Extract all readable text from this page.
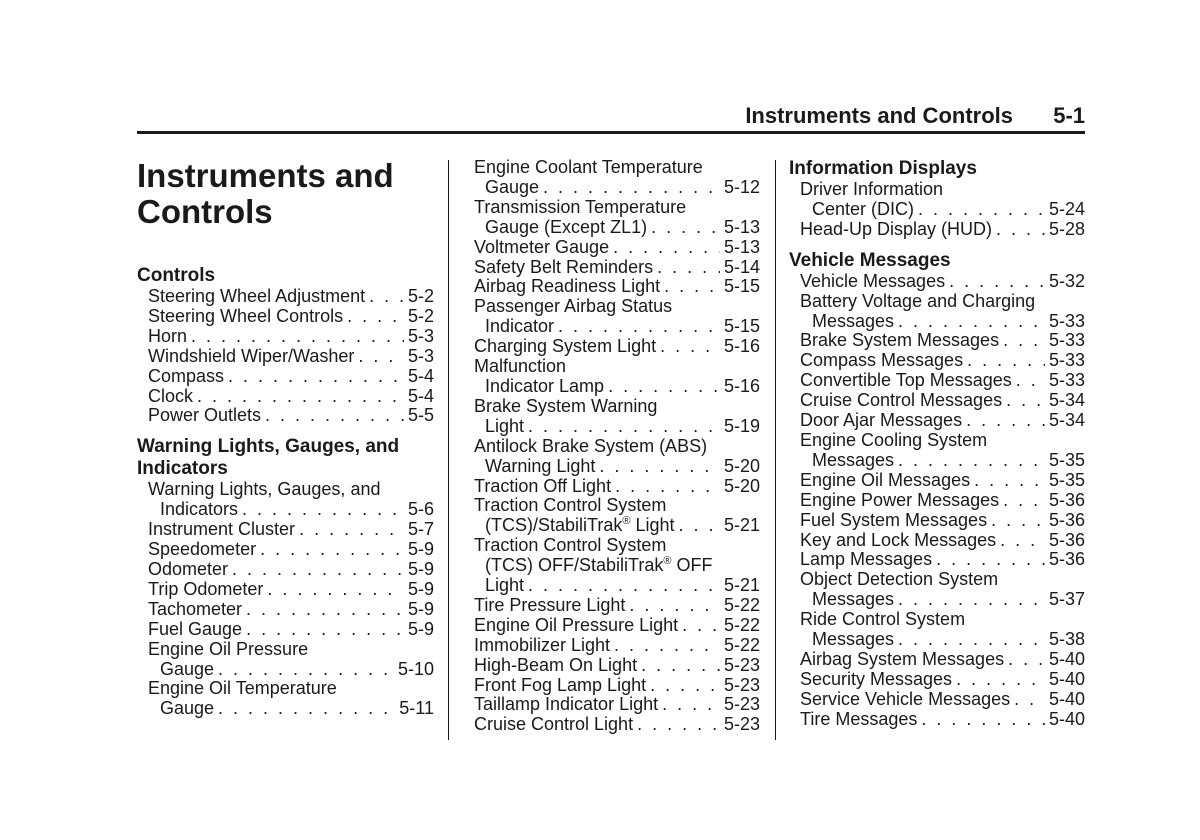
Instruments and Controls 5-1
Instruments and Controls
Controls
Steering Wheel Adjustment . . . 5-2
Steering Wheel Controls . . .	5-2
Horn . . .	5-3
Windshield Wiper/Washer . . .	5-3
Compass . . .	5-4
Clock . . .	5-4
Power Outlets . . .	5-5
Warning Lights, Gauges, and Indicators
Warning Lights, Gauges, and
Indicators . . .	5-6
Instrument Cluster . . .	5-7
Speedometer . . .	5-9
Odometer . . .	5-9
Trip Odometer . . .	5-9
Tachometer . . .	5-9
Fuel Gauge . . .	5-9
Engine Oil Pressure
Gauge . . .	5-10
Engine Oil Temperature
Gauge . . .	5-11
Engine Coolant Temperature
Gauge . . .	5-12
Transmission Temperature
Gauge (Except ZL1) . . .	5-13
Voltmeter Gauge . . .	5-13
Safety Belt Reminders . . .	5-14
Airbag Readiness Light . . .	5-15
Passenger Airbag Status
Indicator . . .	5-15
Charging System Light . . .	5-16
Malfunction
Indicator Lamp . . .	5-16
Brake System Warning
Light . . .	5-19
Antilock Brake System (ABS)
Warning Light . . .	5-20
Traction Off Light . . .	5-20
Traction Control System
(TCS)/StabiliTrak® Light . . .	5-21
Traction Control System
(TCS) OFF/StabiliTrak® OFF
Light . . .	5-21
Tire Pressure Light . . .	5-22
Engine Oil Pressure Light . . .	5-22
Immobilizer Light . . .	5-22
High-Beam On Light . . .	5-23
Front Fog Lamp Light . . .	5-23
Taillamp Indicator Light . . .	5-23
Cruise Control Light . . .	5-23
Information Displays
Driver Information
Center (DIC) . . .	5-24
Head-Up Display (HUD) . . .	5-28
Vehicle Messages
Vehicle Messages . . .	5-32
Battery Voltage and Charging
Messages . . .	5-33
Brake System Messages . . .	5-33
Compass Messages . . .	5-33
Convertible Top Messages . . . 5-33
Cruise Control Messages . . .	5-34
Door Ajar Messages . . .	5-34
Engine Cooling System
Messages . . .	5-35
Engine Oil Messages . . .	5-35
Engine Power Messages . . .	5-36
Fuel System Messages . . .	5-36
Key and Lock Messages . . .	5-36
Lamp Messages . . .	5-36
Object Detection System
Messages . . .	5-37
Ride Control System
Messages . . .	5-38
Airbag System Messages . . . 5-40
Security Messages . . .	5-40
Service Vehicle Messages . . . 5-40
Tire Messages . . .	5-40
